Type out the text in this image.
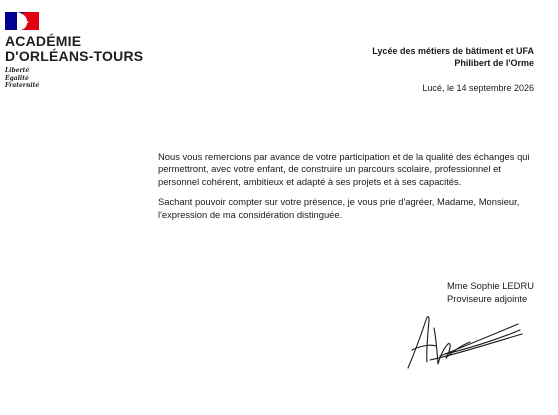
ACADÉMIE
D'ORLÉANS-TOURS
Liberté
Égalité
Fraternité
Lycée des métiers de bâtiment et UFA
Philibert de l'Orme
Lucé, le 14 septembre 2026

Nous vous remercions par avance de votre participation et de la qualité des échanges qui permettront, avec votre enfant, de construire un parcours scolaire, professionnel et personnel cohérent, ambitieux et adapté à ses projets et à ses capacités.

Sachant pouvoir compter sur votre présence, je vous prie d'agréer, Madame, Monsieur, l'expression de ma considération distinguée.

Mme Sophie LEDRU
Proviseure adjointe
